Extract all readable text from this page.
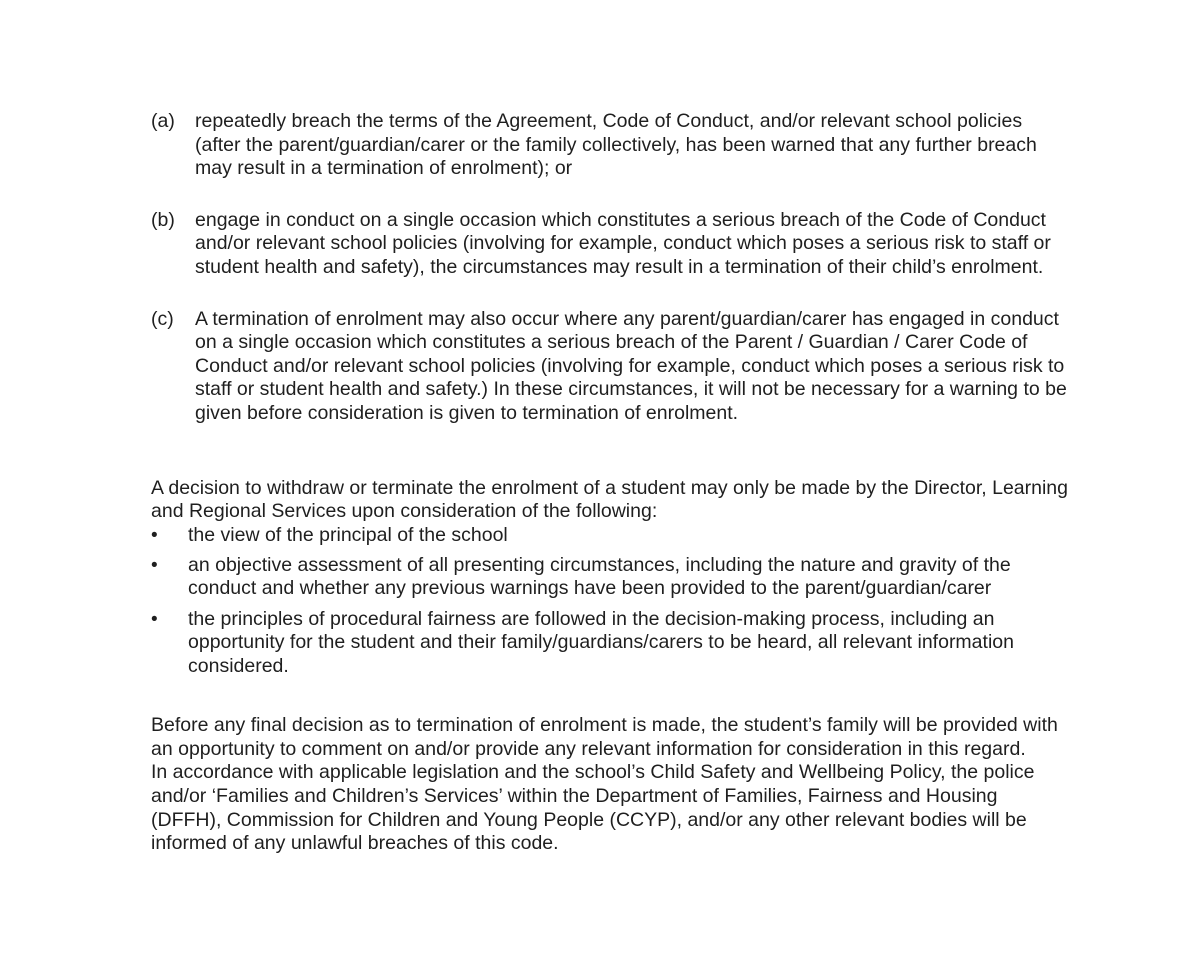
(a)	repeatedly breach the terms of the Agreement, Code of Conduct, and/or relevant school policies (after the parent/guardian/carer or the family collectively, has been warned that any further breach may result in a termination of enrolment); or
(b)	engage in conduct on a single occasion which constitutes a serious breach of the Code of Conduct and/or relevant school policies (involving for example, conduct which poses a serious risk to staff or student health and safety), the circumstances may result in a termination of their child’s enrolment.
(c)	A termination of enrolment may also occur where any parent/guardian/carer has engaged in conduct on a single occasion which constitutes a serious breach of the Parent / Guardian / Carer Code of Conduct and/or relevant school policies (involving for example, conduct which poses a serious risk to staff or student health and safety.) In these circumstances, it will not be necessary for a warning to be given before consideration is given to termination of enrolment.

A decision to withdraw or terminate the enrolment of a student may only be made by the Director, Learning and Regional Services upon consideration of the following:

•	the view of the principal of the school
•	an objective assessment of all presenting circumstances, including the nature and gravity of the conduct and whether any previous warnings have been provided to the parent/guardian/carer
•	the principles of procedural fairness are followed in the decision-making process, including an opportunity for the student and their family/guardians/carers to be heard, all relevant information considered.

Before any final decision as to termination of enrolment is made, the student’s family will be provided with an opportunity to comment on and/or provide any relevant information for consideration in this regard.

In accordance with applicable legislation and the school’s Child Safety and Wellbeing Policy, the police and/or ‘Families and Children’s Services’ within the Department of Families, Fairness and Housing (DFFH), Commission for Children and Young People (CCYP), and/or any other relevant bodies will be informed of any unlawful breaches of this code.
